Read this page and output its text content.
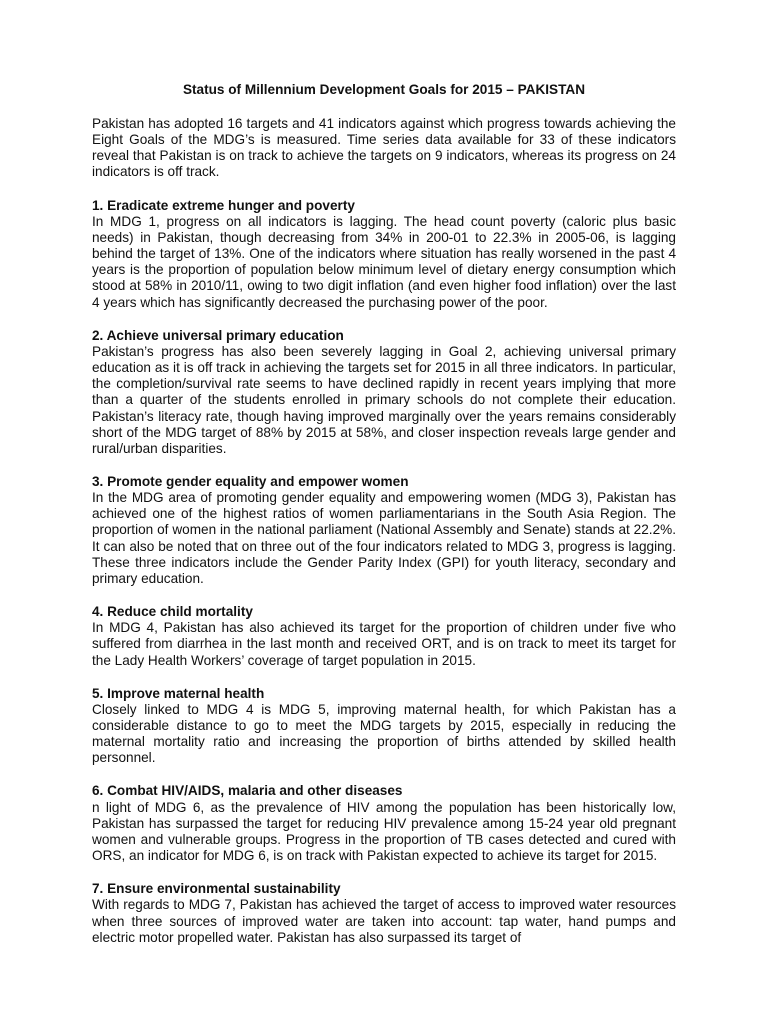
Status of Millennium Development Goals for 2015 – PAKISTAN

Pakistan has adopted 16 targets and 41 indicators against which progress towards achieving the Eight Goals of the MDG’s is measured. Time series data available for 33 of these indicators reveal that Pakistan is on track to achieve the targets on 9 indicators, whereas its progress on 24 indicators is off track.

1. Eradicate extreme hunger and poverty

In MDG 1, progress on all indicators is lagging. The head count poverty (caloric plus basic needs) in Pakistan, though decreasing from 34% in 200-01 to 22.3% in 2005-06, is lagging behind the target of 13%. One of the indicators where situation has really worsened in the past 4 years is the proportion of population below minimum level of dietary energy consumption which stood at 58% in 2010/11, owing to two digit inflation (and even higher food inflation) over the last 4 years which has significantly decreased the purchasing power of the poor.

2. Achieve universal primary education

Pakistan’s progress has also been severely lagging in Goal 2, achieving universal primary education as it is off track in achieving the targets set for 2015 in all three indicators. In particular, the completion/survival rate seems to have declined rapidly in recent years implying that more than a quarter of the students enrolled in primary schools do not complete their education. Pakistan’s literacy rate, though having improved marginally over the years remains considerably short of the MDG target of 88% by 2015 at 58%, and closer inspection reveals large gender and rural/urban disparities.

3. Promote gender equality and empower women

In the MDG area of promoting gender equality and empowering women (MDG 3), Pakistan has achieved one of the highest ratios of women parliamentarians in the South Asia Region. The proportion of women in the national parliament (National Assembly and Senate) stands at 22.2%. It can also be noted that on three out of the four indicators related to MDG 3, progress is lagging. These three indicators include the Gender Parity Index (GPI) for youth literacy, secondary and primary education.

4. Reduce child mortality

In MDG 4, Pakistan has also achieved its target for the proportion of children under five who suffered from diarrhea in the last month and received ORT, and is on track to meet its target for the Lady Health Workers’ coverage of target population in 2015.

5. Improve maternal health

Closely linked to MDG 4 is MDG 5, improving maternal health, for which Pakistan has a considerable distance to go to meet the MDG targets by 2015, especially in reducing the maternal mortality ratio and increasing the proportion of births attended by skilled health personnel.

6. Combat HIV/AIDS, malaria and other diseases

n light of MDG 6, as the prevalence of HIV among the population has been historically low, Pakistan has surpassed the target for reducing HIV prevalence among 15-24 year old pregnant women and vulnerable groups. Progress in the proportion of TB cases detected and cured with ORS, an indicator for MDG 6, is on track with Pakistan expected to achieve its target for 2015.

7. Ensure environmental sustainability

With regards to MDG 7, Pakistan has achieved the target of access to improved water resources when three sources of improved water are taken into account: tap water, hand pumps and electric motor propelled water. Pakistan has also surpassed its target of
